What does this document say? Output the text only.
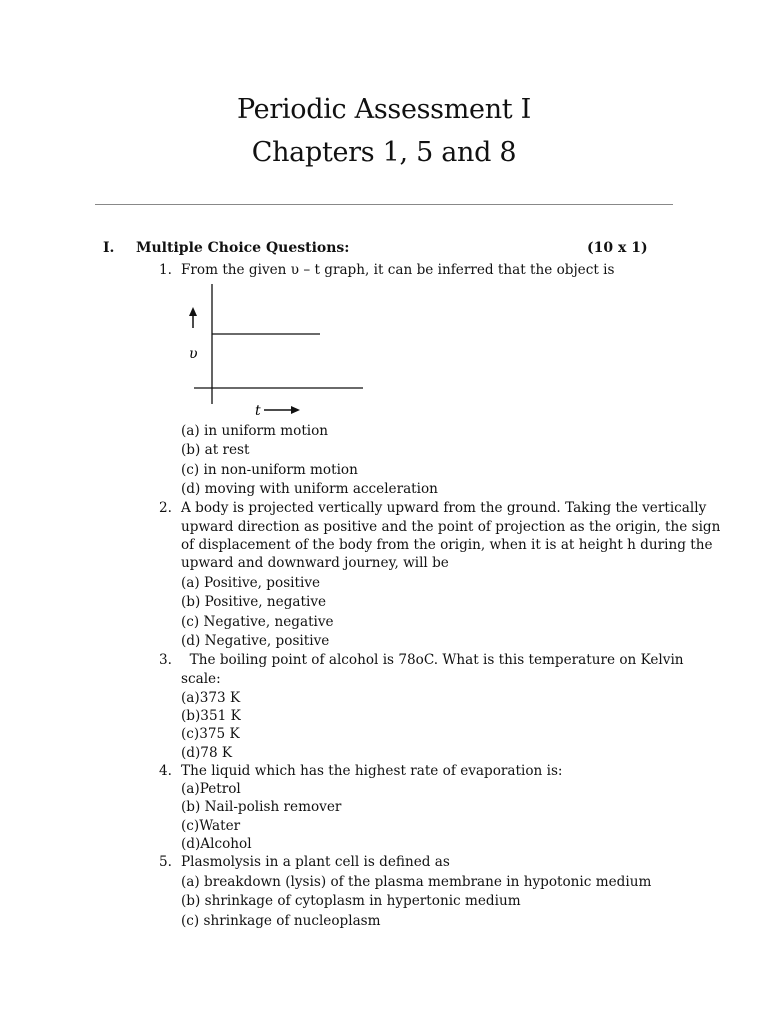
Periodic Assessment I
Chapters 1, 5 and 8
I. Multiple Choice Questions:	(10 x 1)
1. From the given υ – t graph, it can be inferred that the object is
υ
t
(a) in uniform motion
(b) at rest
(c) in non-uniform motion
(d) moving with uniform acceleration
2. A body is projected vertically upward from the ground. Taking the vertically
upward direction as positive and the point of projection as the origin, the sign
of displacement of the body from the origin, when it is at height h during the
upward and downward journey, will be
(a) Positive, positive
(b) Positive, negative
(c) Negative, negative
(d) Negative, positive
3. The boiling point of alcohol is 78oC. What is this temperature on Kelvin
scale:
(a)373 K
(b)351 K
(c)375 K
(d)78 K
4. The liquid which has the highest rate of evaporation is:
(a)Petrol
(b) Nail-polish remover
(c)Water
(d)Alcohol
5. Plasmolysis in a plant cell is defined as
(a) breakdown (lysis) of the plasma membrane in hypotonic medium
(b) shrinkage of cytoplasm in hypertonic medium
(c) shrinkage of nucleoplasm
